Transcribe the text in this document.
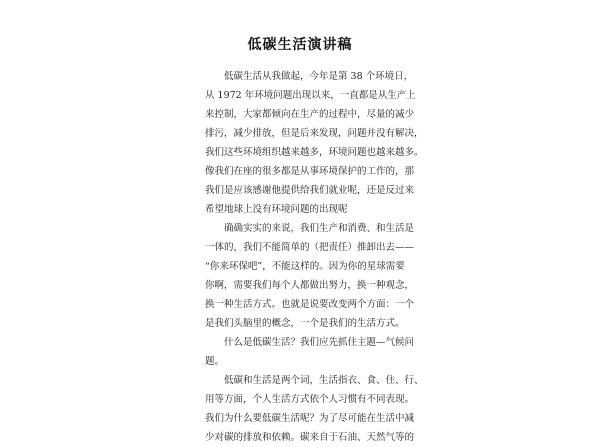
低碳生活演讲稿
低碳生活从我做起，今年是第 38 个环境日，
从 1972 年环境问题出现以来，一直都是从生产上
来控制，大家都倾向在生产的过程中，尽量的减少
排污，减少排放，但是后来发现，问题并没有解决，
我们这些环境组织越来越多，环境问题也越来越多。
像我们在座的很多都是从事环境保护的工作的，那
我们是应该感谢他提供给我们就业呢，还是反过来
希望地球上没有环境问题的出现呢
确确实实的来说，我们生产和消费、和生活是
一体的，我们不能简单的（把责任）推卸出去——
“你来环保吧”，不能这样的。因为你的星球需要
你啊，需要我们每个人都做出努力，换一种观念，
换一种生活方式。也就是说要改变两个方面：一个
是我们头脑里的概念，一个是我们的生活方式。
什么是低碳生活？我们应先抓住主题—气候问
题。
低碳和生活是两个词，生活指衣、食、住、行、
用等方面，个人生活方式依个人习惯有不同表现。
我们为什么要低碳生活呢？为了尽可能在生活中减
少对碳的排放和依赖。碳来自于石油、天然气等的
